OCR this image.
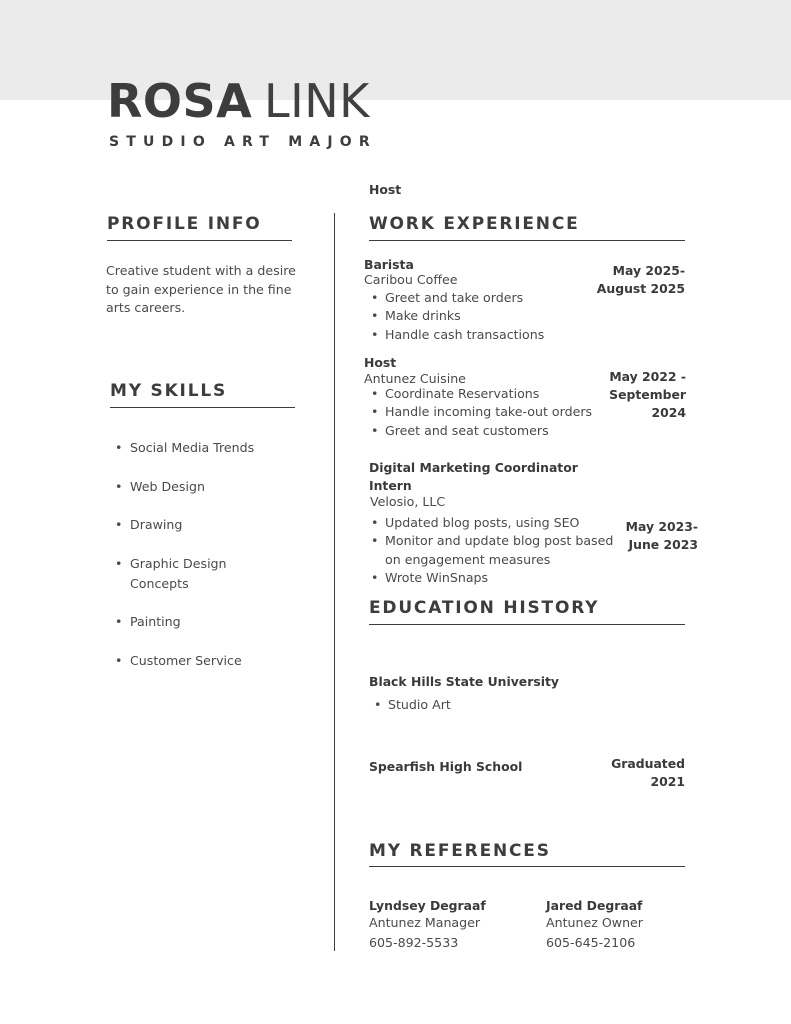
ROSA LINK
STUDIO ART MAJOR
Host
PROFILE INFO
Creative student with a desire to gain experience in the fine arts careers.
MY SKILLS
• Social Media Trends
• Web Design
• Drawing
• Graphic Design Concepts
• Painting
• Customer Service
WORK EXPERIENCE
Barista
Caribou Coffee
May 2025- August 2025
• Greet and take orders
• Make drinks
• Handle cash transactions
Host
Antunez Cuisine	May 2022 - September 2024
• Coordinate Reservations
• Handle incoming take-out orders
• Greet and seat customers
Digital Marketing Coordinator Intern
Velosio, LLC
May 2023- June 2023
• Updated blog posts, using SEO
• Monitor and update blog post based on engagement measures
• Wrote WinSnaps
EDUCATION HISTORY
Black Hills State University
• Studio Art
Spearfish High School	Graduated 2021
MY REFERENCES
Lyndsey Degraaf
Antunez Manager
605-892-5533
Jared Degraaf
Antunez Owner
605-645-2106
